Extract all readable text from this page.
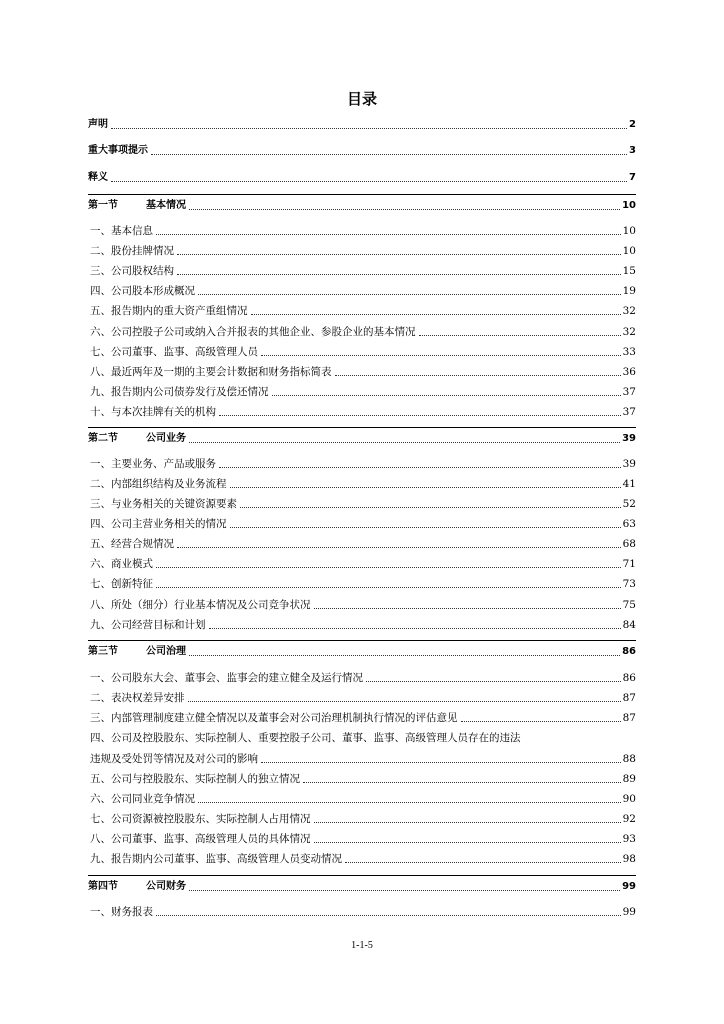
目录
声明	2
重大事项提示	3
释义	7
第一节	基本情况	10
一、基本信息	10
二、股份挂牌情况	10
三、公司股权结构	15
四、公司股本形成概况	19
五、报告期内的重大资产重组情况	32
六、公司控股子公司或纳入合并报表的其他企业、参股企业的基本情况	32
七、公司董事、监事、高级管理人员	33
八、最近两年及一期的主要会计数据和财务指标简表	36
九、报告期内公司债券发行及偿还情况	37
十、与本次挂牌有关的机构	37
第二节	公司业务	39
一、主要业务、产品或服务	39
二、内部组织结构及业务流程	41
三、与业务相关的关键资源要素	52
四、公司主营业务相关的情况	63
五、经营合规情况	68
六、商业模式	71
七、创新特征	73
八、所处（细分）行业基本情况及公司竞争状况	75
九、公司经营目标和计划	84
第三节	公司治理	86
一、公司股东大会、董事会、监事会的建立健全及运行情况	86
二、表决权差异安排	87
三、内部管理制度建立健全情况以及董事会对公司治理机制执行情况的评估意见	87
四、公司及控股股东、实际控制人、重要控股子公司、董事、监事、高级管理人员存在的违法
违规及受处罚等情况及对公司的影响	88
五、公司与控股股东、实际控制人的独立情况	89
六、公司同业竞争情况	90
七、公司资源被控股股东、实际控制人占用情况	92
八、公司董事、监事、高级管理人员的具体情况	93
九、报告期内公司董事、监事、高级管理人员变动情况	98
第四节	公司财务	99
一、财务报表	99
1-1-5
